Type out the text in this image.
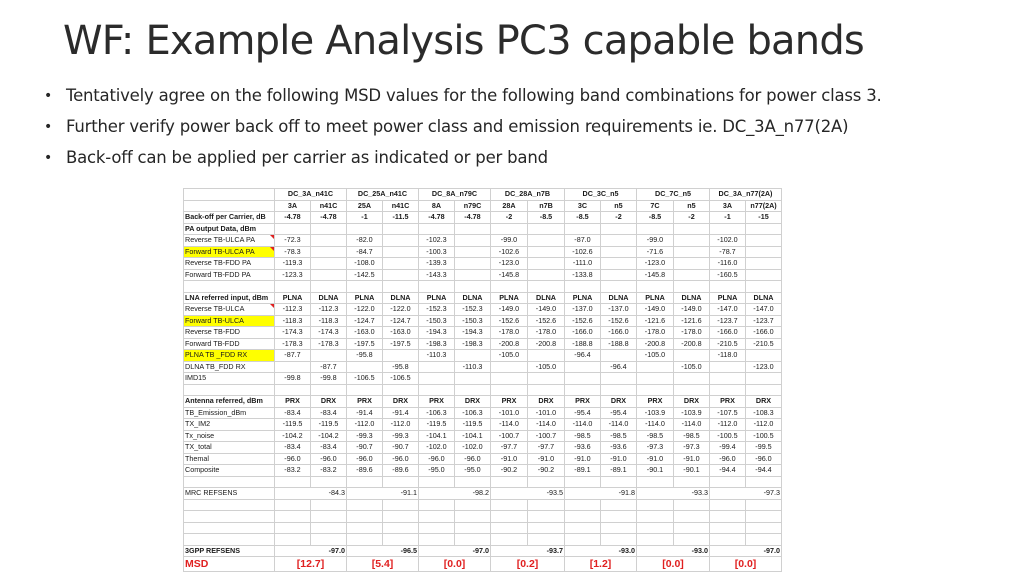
WF: Example Analysis PC3 capable bands
• Tentatively agree on the following MSD values for the following band combinations for power class 3.
• Further verify power back off to meet power class and emission requirements ie. DC_3A_n77(2A)
• Back-off can be applied per carrier as indicated or per band
	DC_3A_n41C		DC_25A_n41C		DC_8A_n79C		DC_28A_n7B		DC_3C_n5		DC_7C_n5		DC_3A_n77(2A)	
	3A	n41C	25A	n41C	8A	n79C	28A	n7B	3C	n5	7C	n5	3A	n77(2A)
Back-off per Carrier, dB	-4.78	-4.78	-1	-11.5	-4.78	-4.78	-2	-8.5	-8.5	-2	-8.5	-2	-1	-15
PA output Data, dBm														
Reverse TB-ULCA PA	-72.3		-82.0		-102.3		-99.0		-87.0		-99.0		-102.0	
Forward TB-ULCA PA	-78.3		-84.7		-100.3		-102.6		-102.6		-71.6		-78.7	
Reverse TB-FDD PA	-119.3		-108.0		-139.3		-123.0		-111.0		-123.0		-116.0	
Forward TB-FDD PA	-123.3		-142.5		-143.3		-145.8		-133.8		-145.8		-160.5	

LNA referred input, dBm	PLNA	DLNA	PLNA	DLNA	PLNA	DLNA	PLNA	DLNA	PLNA	DLNA	PLNA	DLNA	PLNA	DLNA
Reverse TB-ULCA	-112.3	-112.3	-122.0	-122.0	-152.3	-152.3	-149.0	-149.0	-137.0	-137.0	-149.0	-149.0	-147.0	-147.0
Forward TB-ULCA	-118.3	-118.3	-124.7	-124.7	-150.3	-150.3	-152.6	-152.6	-152.6	-152.6	-121.6	-121.6	-123.7	-123.7
Reverse TB-FDD	-174.3	-174.3	-163.0	-163.0	-194.3	-194.3	-178.0	-178.0	-166.0	-166.0	-178.0	-178.0	-166.0	-166.0
Forward TB-FDD	-178.3	-178.3	-197.5	-197.5	-198.3	-198.3	-200.8	-200.8	-188.8	-188.8	-200.8	-200.8	-210.5	-210.5
PLNA TB _FDD RX	-87.7		-95.8		-110.3		-105.0		-96.4		-105.0		-118.0	
DLNA TB_FDD RX		-87.7		-95.8		-110.3		-105.0		-96.4		-105.0		-123.0
IMD15	-99.8	-99.8	-106.5	-106.5										

Antenna referred, dBm	PRX	DRX	PRX	DRX	PRX	DRX	PRX	DRX	PRX	DRX	PRX	DRX	PRX	DRX
TB_Emission_dBm	-83.4	-83.4	-91.4	-91.4	-106.3	-106.3	-101.0	-101.0	-95.4	-95.4	-103.9	-103.9	-107.5	-108.3
TX_IM2	-119.5	-119.5	-112.0	-112.0	-119.5	-119.5	-114.0	-114.0	-114.0	-114.0	-114.0	-114.0	-112.0	-112.0
Tx_noise	-104.2	-104.2	-99.3	-99.3	-104.1	-104.1	-100.7	-100.7	-98.5	-98.5	-98.5	-98.5	-100.5	-100.5
TX_total	-83.4	-83.4	-90.7	-90.7	-102.0	-102.0	-97.7	-97.7	-93.6	-93.6	-97.3	-97.3	-99.4	-99.5
Themal	-96.0	-96.0	-96.0	-96.0	-96.0	-96.0	-91.0	-91.0	-91.0	-91.0	-91.0	-91.0	-96.0	-96.0
Composite	-83.2	-83.2	-89.6	-89.6	-95.0	-95.0	-90.2	-90.2	-89.1	-89.1	-90.1	-90.1	-94.4	-94.4

MRC REFSENS	-84.3		-91.1		-98.2		-93.5		-91.8		-93.3		-97.3	

3GPP REFSENS	-97.0		-96.5		-97.0		-93.7		-93.0		-93.0		-97.0	
MSD	[12.7]		[5.4]		[0.0]		[0.2]		[1.2]		[0.0]		[0.0]	
